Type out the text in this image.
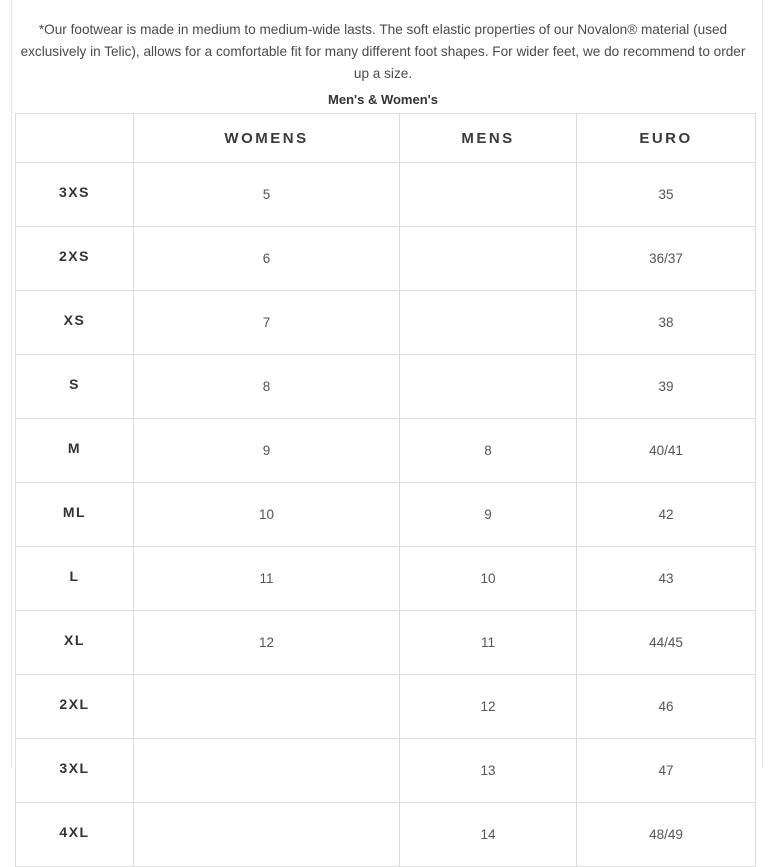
*Our footwear is made in medium to medium-wide lasts. The soft elastic properties of our Novalon® material (used exclusively in Telic), allows for a comfortable fit for many different foot shapes. For wider feet, we do recommend to order up a size.
Men's & Women's
	WOMENS	MENS	EURO
3XS	5		35
2XS	6		36/37
XS	7		38
S	8		39
M	9	8	40/41
ML	10	9	42
L	11	10	43
XL	12	11	44/45
2XL		12	46
3XL		13	47
4XL		14	48/49
